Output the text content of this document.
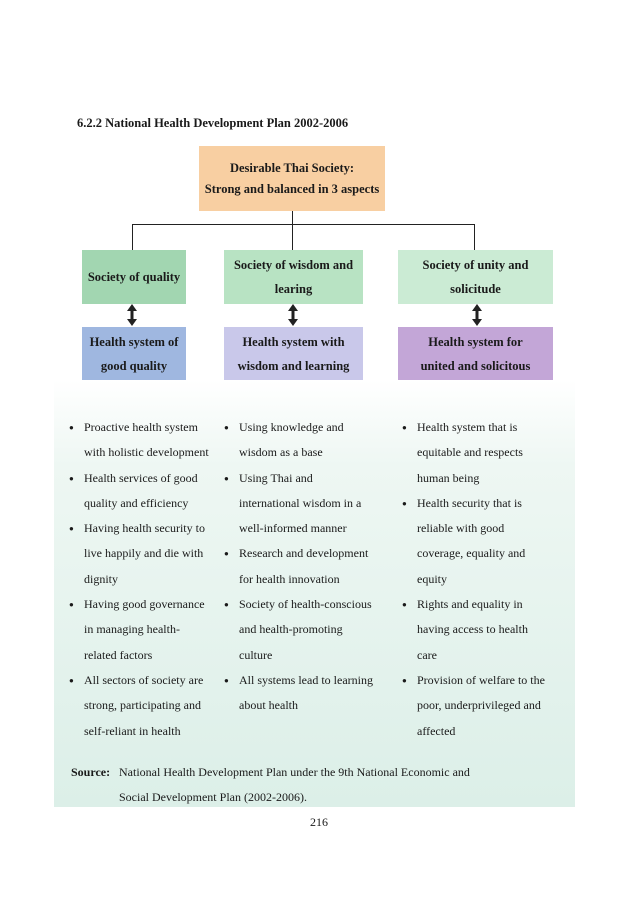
6.2.2 National Health Development Plan 2002-2006
Desirable Thai Society:
Strong and balanced in 3 aspects
Society of quality
Society of wisdom and
learing
Society of unity and
solicitude
Health system of
good quality
Health system with
wisdom and learning
Health system for
united and solicitous
● Proactive health system with holistic development
● Health services of good quality and efficiency
● Having health security to live happily and die with dignity
● Having good governance in managing health-related factors
● All sectors of society are strong, participating and self-reliant in health
● Using knowledge and wisdom as a base
● Using Thai and international wisdom in a well-informed manner
● Research and development for health innovation
● Society of health-conscious and health-promoting culture
● All systems lead to learning about health
● Health system that is equitable and respects human being
● Health security that is reliable with good coverage, equality and equity
● Rights and equality in having access to health care
● Provision of welfare to the poor, underprivileged and affected
Source: National Health Development Plan under the 9th National Economic and Social Development Plan (2002-2006).
216
